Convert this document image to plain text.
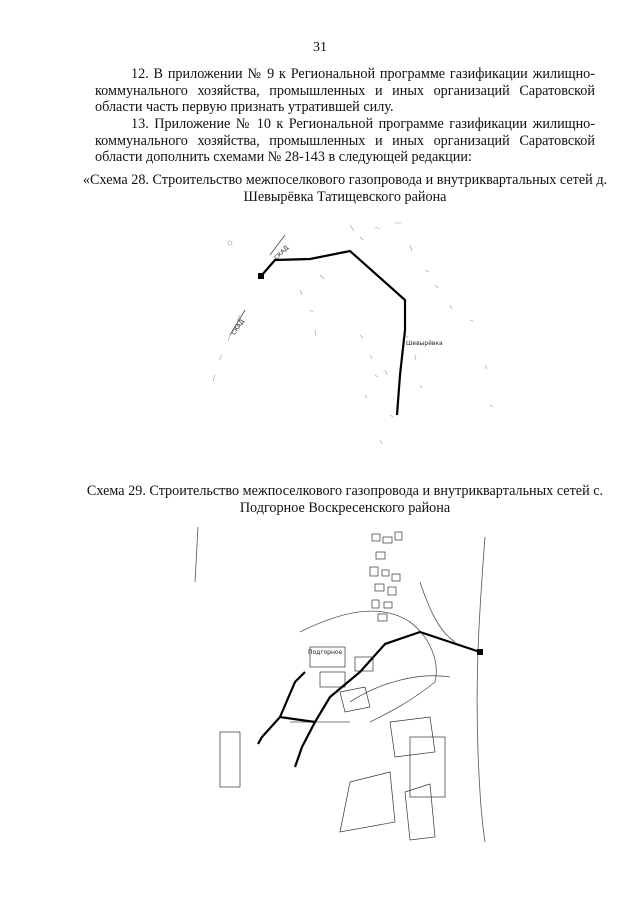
31

12. В приложении № 9 к Региональной программе газификации жилищно-коммунального хозяйства, промышленных и иных организаций Саратовской области часть первую признать утратившей силу.

13. Приложение № 10 к Региональной программе газификации жилищно-коммунального хозяйства, промышленных и иных организаций Саратовской области дополнить схемами № 28-143 в следующей редакции:

«Схема 28. Строительство межпоселкового газопровода и внутриквартальных сетей д. Шевырёвка Татищевского района

СКАД
СКАД
Шевырёвка

Схема 29. Строительство межпоселкового газопровода и внутриквартальных сетей с. Подгорное Воскресенского района

Подгорное
